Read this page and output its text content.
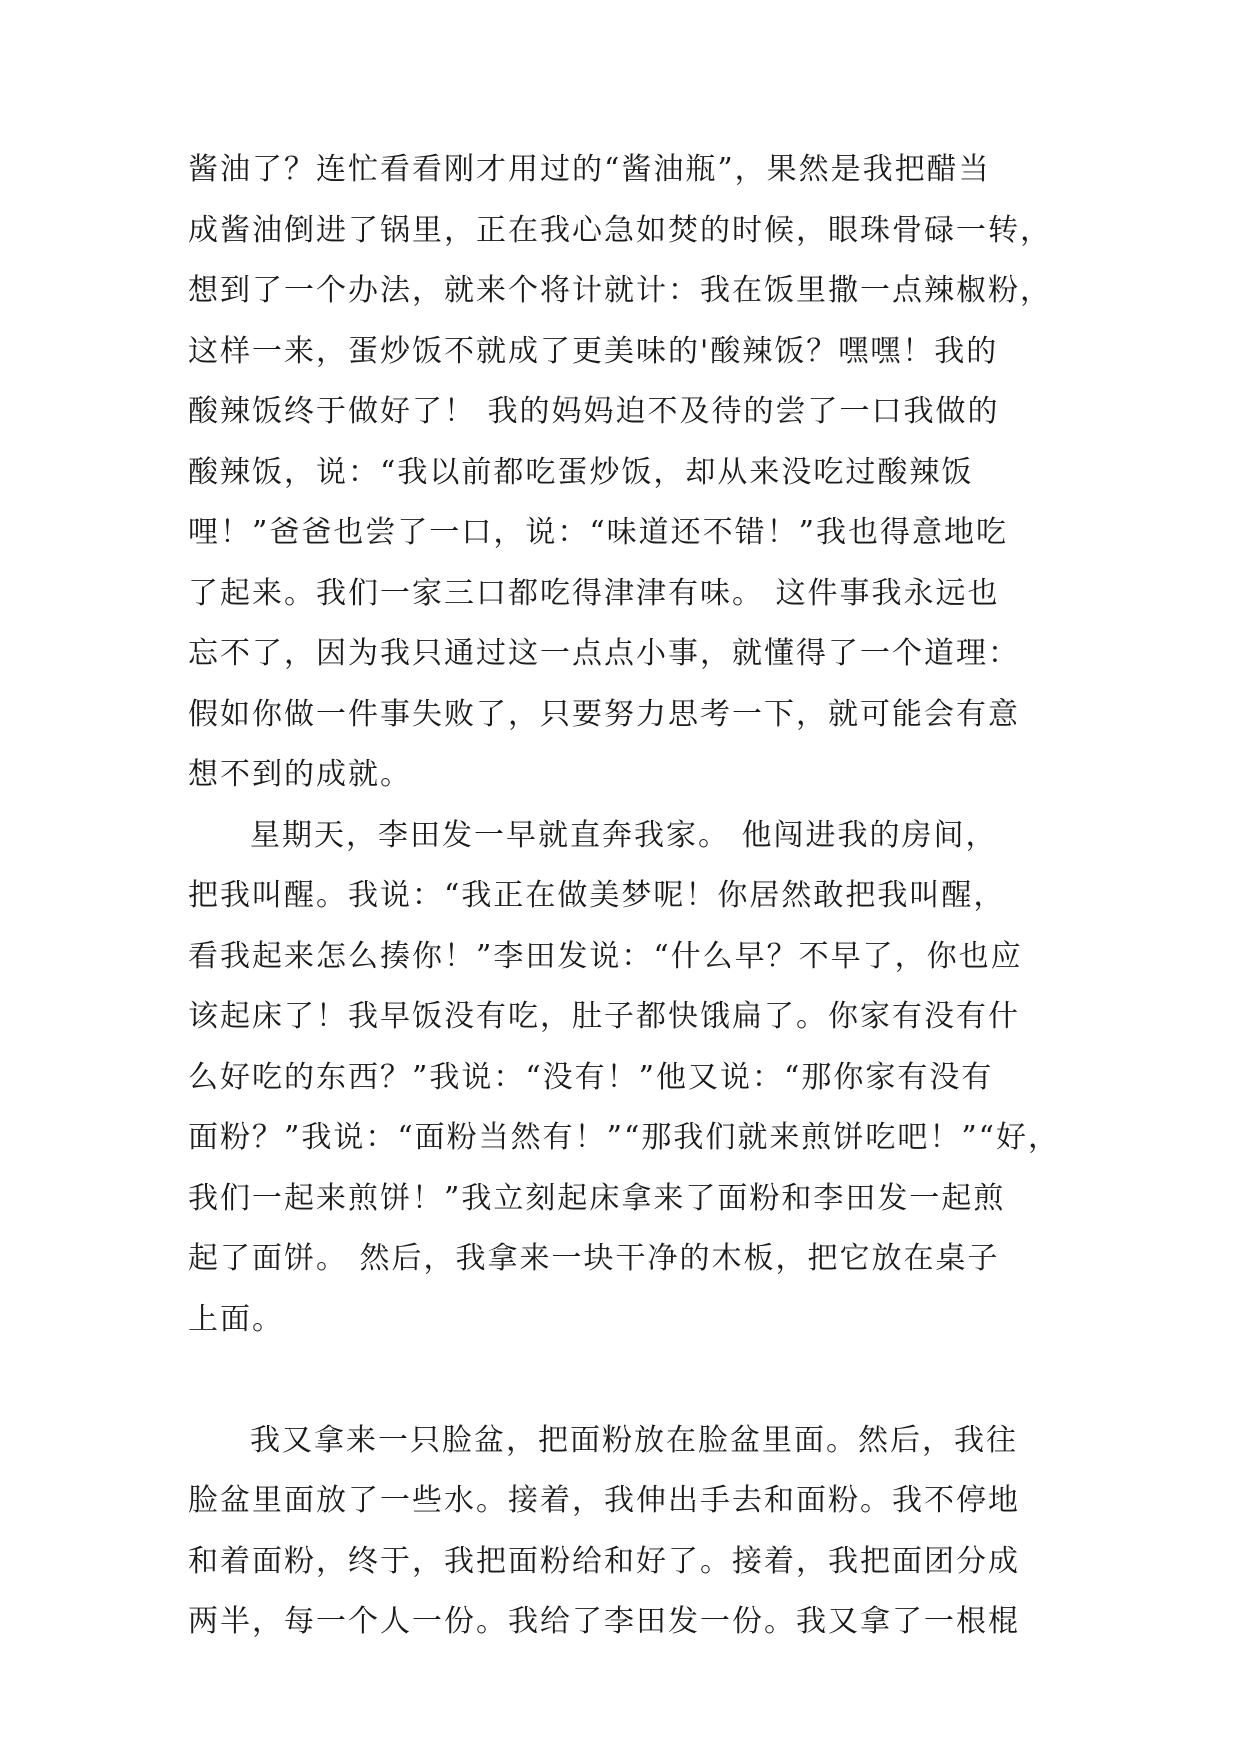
酱油了？连忙看看刚才用过的“酱油瓶”，果然是我把醋当
成酱油倒进了锅里，正在我心急如焚的时候，眼珠骨碌一转，
想到了一个办法，就来个将计就计：我在饭里撒一点辣椒粉，
这样一来，蛋炒饭不就成了更美味的'酸辣饭？嘿嘿！我的
酸辣饭终于做好了！ 我的妈妈迫不及待的尝了一口我做的
酸辣饭，说：“我以前都吃蛋炒饭，却从来没吃过酸辣饭
哩！”爸爸也尝了一口，说：“味道还不错！”我也得意地吃
了起来。我们一家三口都吃得津津有味。 这件事我永远也
忘不了，因为我只通过这一点点小事，就懂得了一个道理：
假如你做一件事失败了，只要努力思考一下，就可能会有意
想不到的成就。
星期天，李田发一早就直奔我家。 他闯进我的房间，
把我叫醒。我说：“我正在做美梦呢！你居然敢把我叫醒，
看我起来怎么揍你！”李田发说：“什么早？不早了，你也应
该起床了！我早饭没有吃，肚子都快饿扁了。你家有没有什
么好吃的东西？”我说：“没有！”他又说：“那你家有没有
面粉？”我说：“面粉当然有！”“那我们就来煎饼吃吧！”“好，
我们一起来煎饼！”我立刻起床拿来了面粉和李田发一起煎
起了面饼。 然后，我拿来一块干净的木板，把它放在桌子
上面。
我又拿来一只脸盆，把面粉放在脸盆里面。然后，我往
脸盆里面放了一些水。接着，我伸出手去和面粉。我不停地
和着面粉，终于，我把面粉给和好了。接着，我把面团分成
两半，每一个人一份。我给了李田发一份。我又拿了一根棍
